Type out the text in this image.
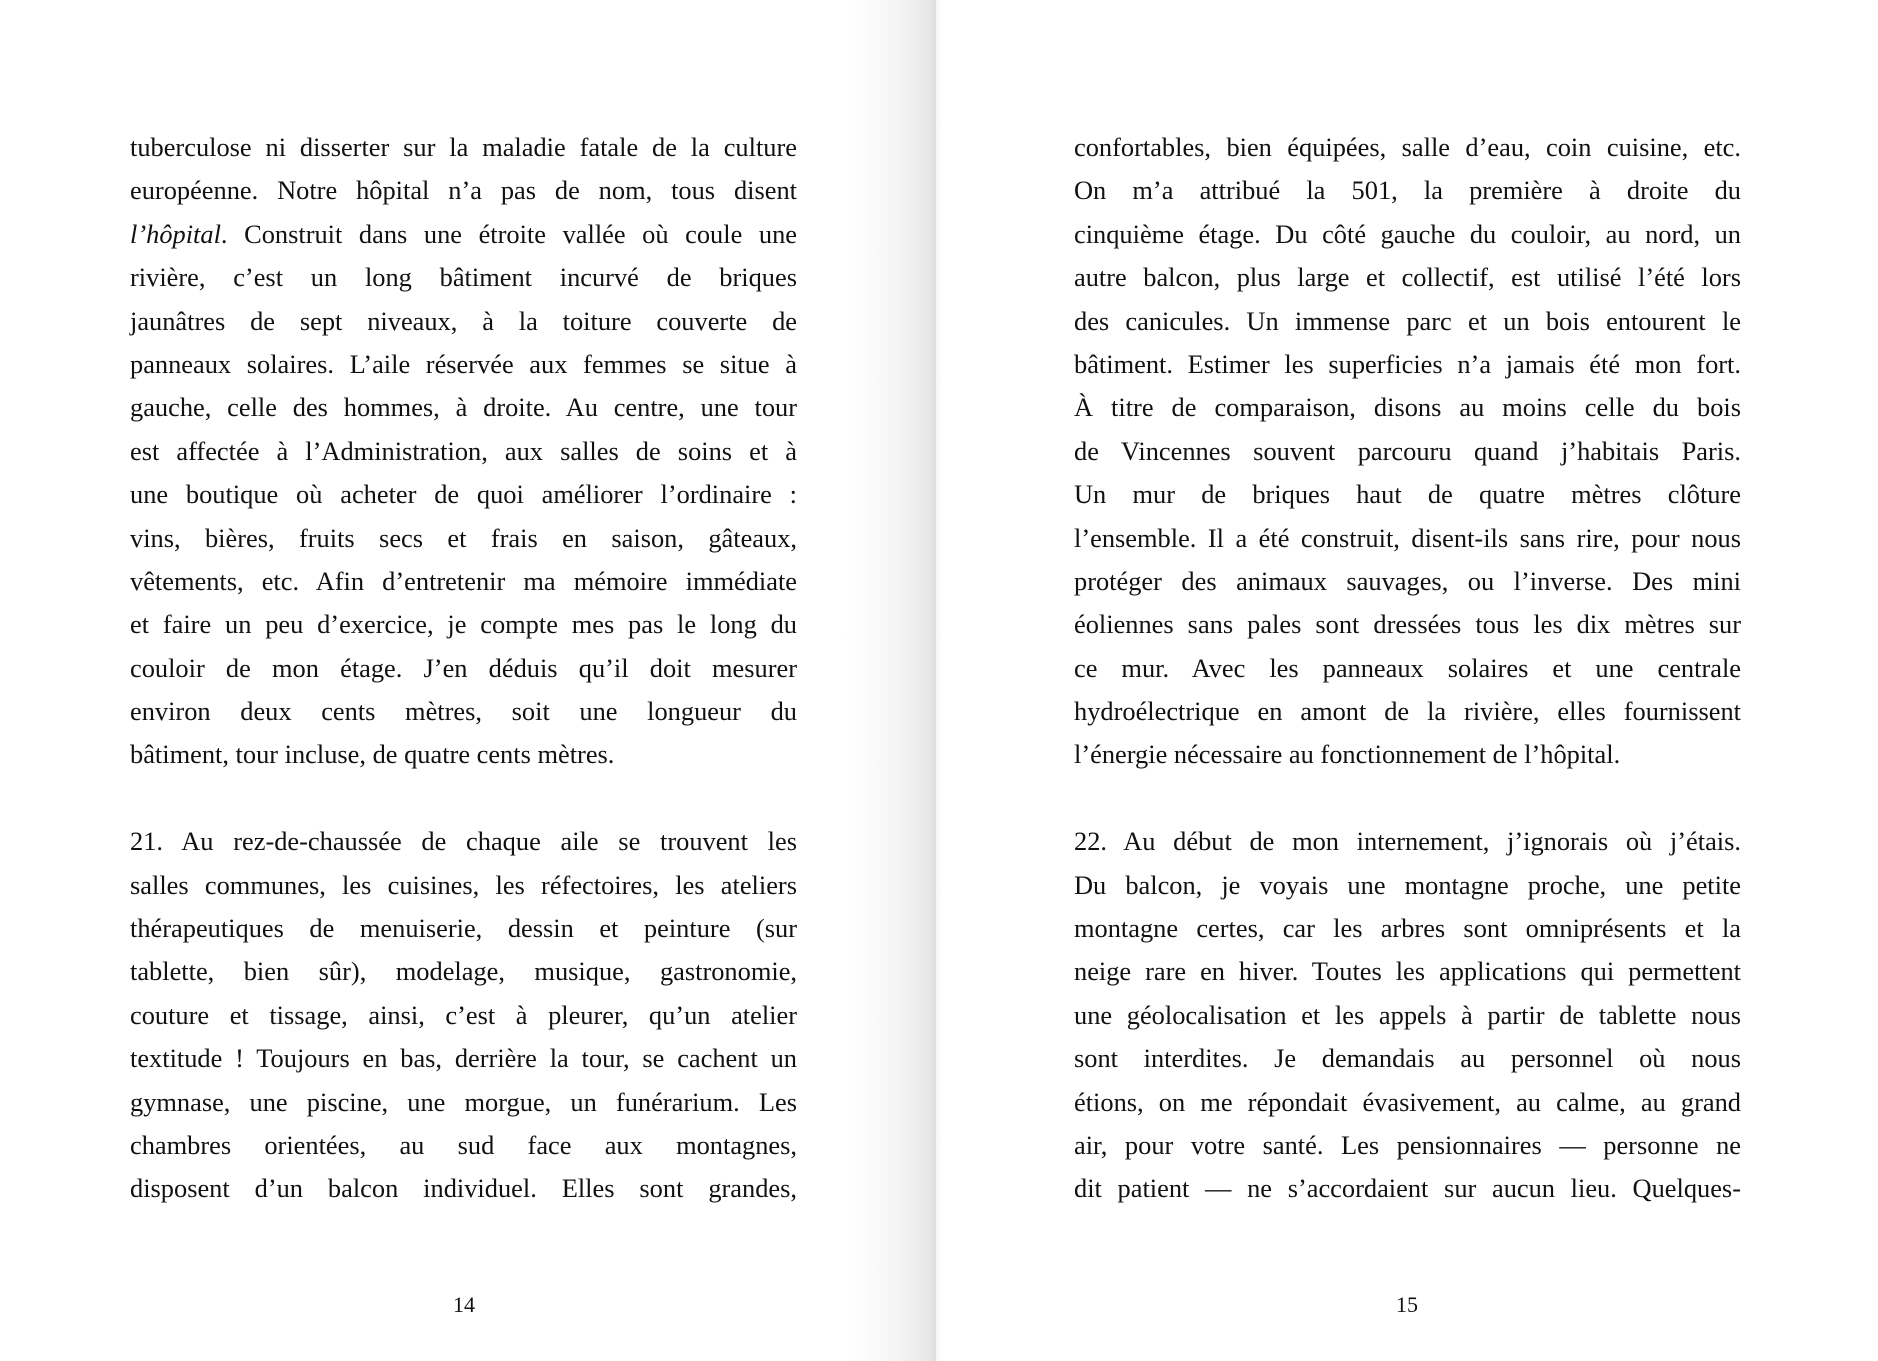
tuberculose ni disserter sur la maladie fatale de la culture
européenne. Notre hôpital n’a pas de nom, tous disent
l’hôpital. Construit dans une étroite vallée où coule une
rivière, c’est un long bâtiment incurvé de briques
jaunâtres de sept niveaux, à la toiture couverte de
panneaux solaires. L’aile réservée aux femmes se situe à
gauche, celle des hommes, à droite. Au centre, une tour
est affectée à l’Administration, aux salles de soins et à
une boutique où acheter de quoi améliorer l’ordinaire :
vins, bières, fruits secs et frais en saison, gâteaux,
vêtements, etc. Afin d’entretenir ma mémoire immédiate
et faire un peu d’exercice, je compte mes pas le long du
couloir de mon étage. J’en déduis qu’il doit mesurer
environ deux cents mètres, soit une longueur du
bâtiment, tour incluse, de quatre cents mètres.
21. Au rez-de-chaussée de chaque aile se trouvent les
salles communes, les cuisines, les réfectoires, les ateliers
thérapeutiques de menuiserie, dessin et peinture (sur
tablette, bien sûr), modelage, musique, gastronomie,
couture et tissage, ainsi, c’est à pleurer, qu’un atelier
textitude ! Toujours en bas, derrière la tour, se cachent un
gymnase, une piscine, une morgue, un funérarium. Les
chambres orientées, au sud face aux montagnes,
disposent d’un balcon individuel. Elles sont grandes,
14
confortables, bien équipées, salle d’eau, coin cuisine, etc.
On m’a attribué la 501, la première à droite du
cinquième étage. Du côté gauche du couloir, au nord, un
autre balcon, plus large et collectif, est utilisé l’été lors
des canicules. Un immense parc et un bois entourent le
bâtiment. Estimer les superficies n’a jamais été mon fort.
À titre de comparaison, disons au moins celle du bois
de Vincennes souvent parcouru quand j’habitais Paris.
Un mur de briques haut de quatre mètres clôture
l’ensemble. Il a été construit, disent-ils sans rire, pour nous
protéger des animaux sauvages, ou l’inverse. Des mini
éoliennes sans pales sont dressées tous les dix mètres sur
ce mur. Avec les panneaux solaires et une centrale
hydroélectrique en amont de la rivière, elles fournissent
l’énergie nécessaire au fonctionnement de l’hôpital.
22. Au début de mon internement, j’ignorais où j’étais.
Du balcon, je voyais une montagne proche, une petite
montagne certes, car les arbres sont omniprésents et la
neige rare en hiver. Toutes les applications qui permettent
une géolocalisation et les appels à partir de tablette nous
sont interdites. Je demandais au personnel où nous
étions, on me répondait évasivement, au calme, au grand
air, pour votre santé. Les pensionnaires — personne ne
dit patient — ne s’accordaient sur aucun lieu. Quelques-
15
